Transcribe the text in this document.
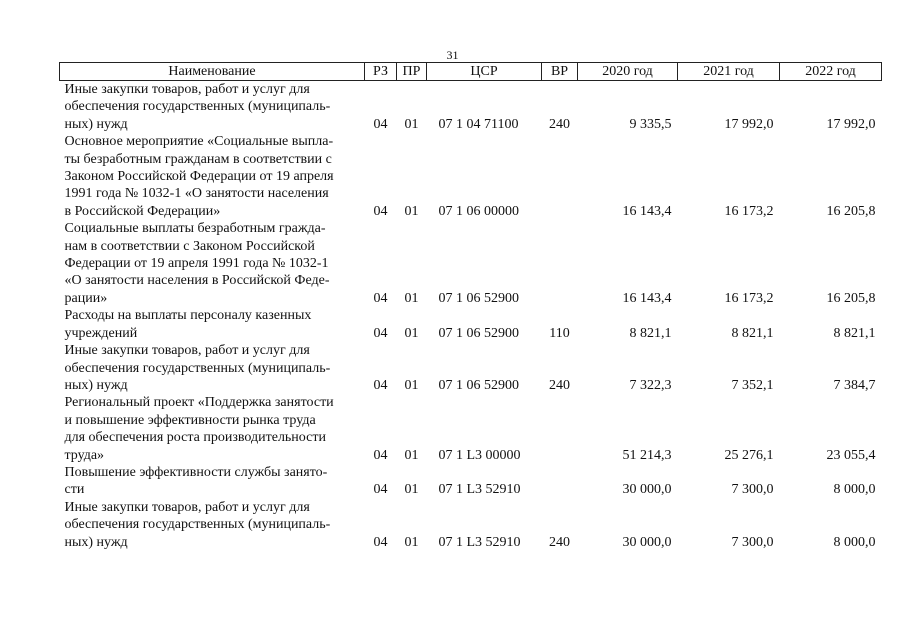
31
Наименование	РЗ	ПР	ЦСР	ВР	2020 год	2021 год	2022 год
Иные закупки товаров, работ и услуг для
обеспечения государственных (муниципаль-
ных) нужд	04	01	07 1 04 71100	240	9 335,5	17 992,0	17 992,0
Основное мероприятие «Социальные выпла-
ты безработным гражданам в соответствии с
Законом Российской Федерации от 19 апреля
1991 года № 1032-1 «О занятости населения
в Российской Федерации»	04	01	07 1 06 00000		16 143,4	16 173,2	16 205,8
Социальные выплаты безработным гражда-
нам в соответствии с Законом Российской
Федерации от 19 апреля 1991 года № 1032-1
«О занятости населения в Российской Феде-
рации»	04	01	07 1 06 52900		16 143,4	16 173,2	16 205,8
Расходы на выплаты персоналу казенных
учреждений	04	01	07 1 06 52900	110	8 821,1	8 821,1	8 821,1
Иные закупки товаров, работ и услуг для
обеспечения государственных (муниципаль-
ных) нужд	04	01	07 1 06 52900	240	7 322,3	7 352,1	7 384,7
Региональный проект «Поддержка занятости
и повышение эффективности рынка труда
для обеспечения роста производительности
труда»	04	01	07 1 L3 00000		51 214,3	25 276,1	23 055,4
Повышение эффективности службы занято-
сти	04	01	07 1 L3 52910		30 000,0	7 300,0	8 000,0
Иные закупки товаров, работ и услуг для
обеспечения государственных (муниципаль-
ных) нужд	04	01	07 1 L3 52910	240	30 000,0	7 300,0	8 000,0
